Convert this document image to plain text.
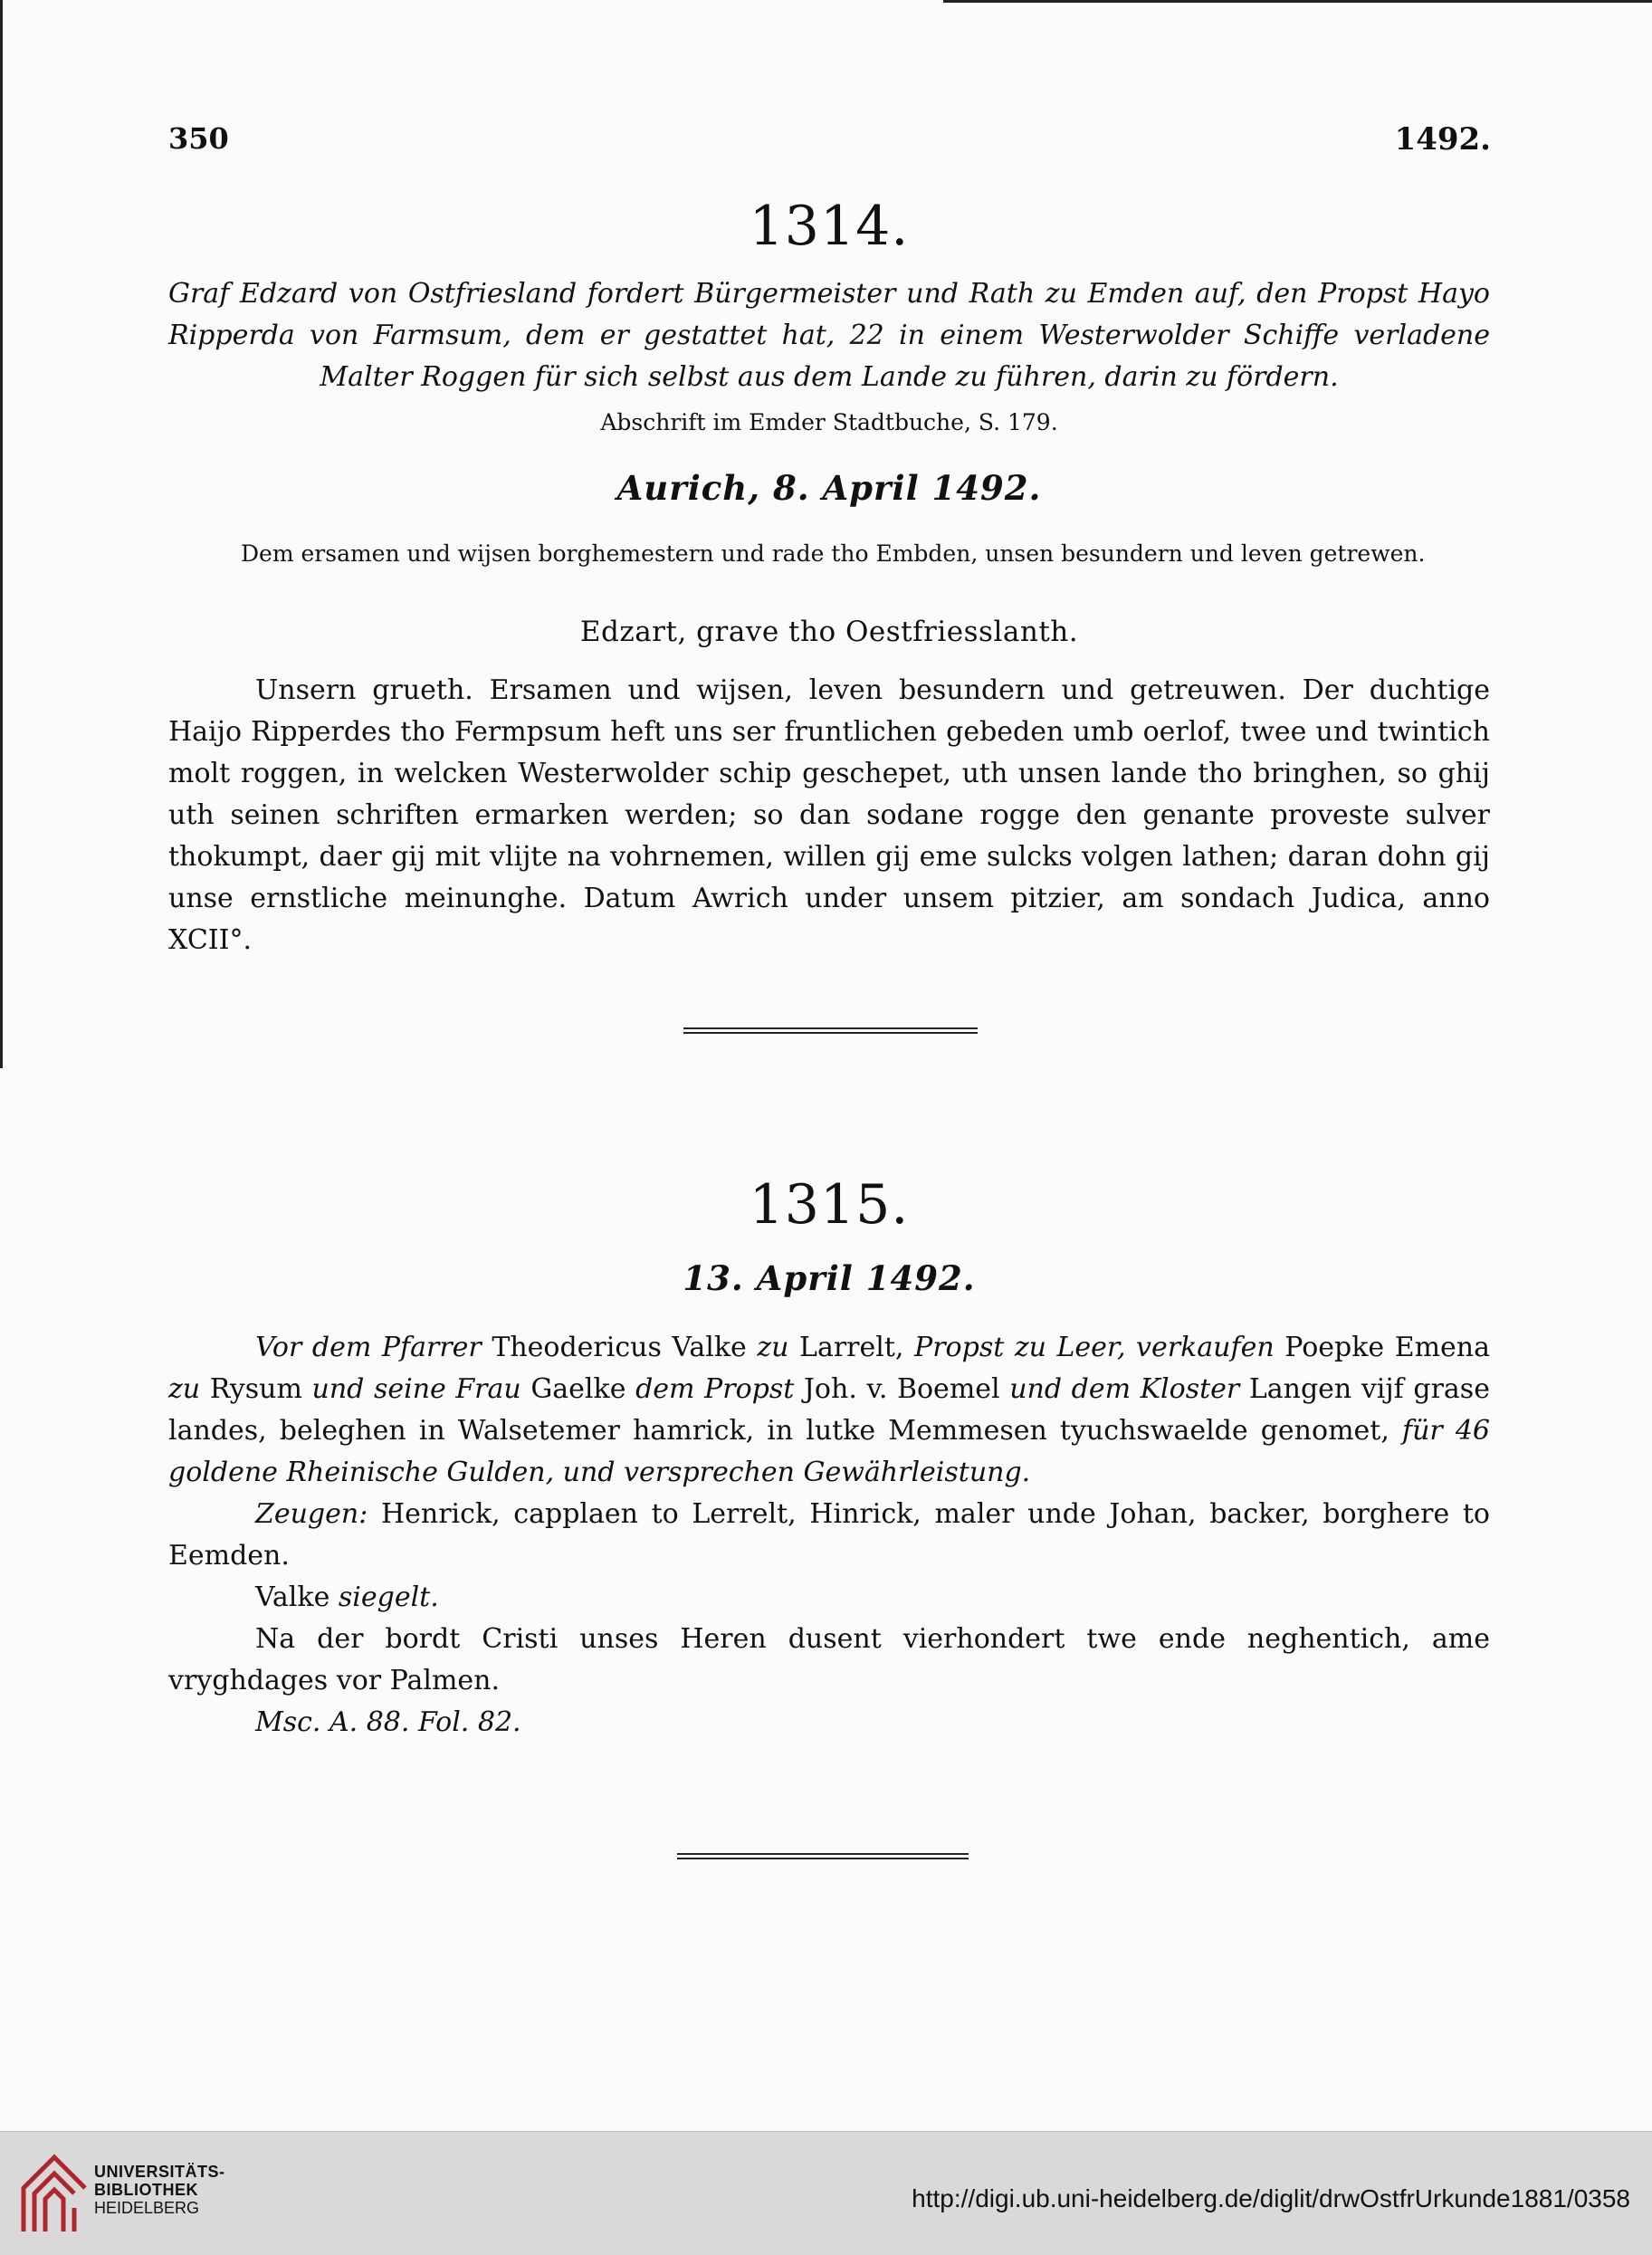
350	1492.
1314.
Graf Edzard von Ostfriesland fordert Bürgermeister und Rath zu Emden auf, den Propst Hayo Ripperda von Farmsum, dem er gestattet hat, 22 in einem Westerwolder Schiffe verladene Malter Roggen für sich selbst aus dem Lande zu führen, darin zu fördern.
Abschrift im Emder Stadtbuche, S. 179.
Aurich, 8. April 1492.
Dem ersamen und wijsen borghemestern und rade tho Embden, unsen besundern und leven getrewen.
Edzart, grave tho Oestfriesslanth.
Unsern grueth. Ersamen und wijsen, leven besundern und getreuwen. Der duchtige Haijo Ripperdes tho Fermpsum heft uns ser fruntlichen gebeden umb oerlof, twee und twintich molt roggen, in welcken Westerwolder schip geschepet, uth unsen lande tho bringhen, so ghij uth seinen schriften ermarken werden; so dan sodane rogge den genante proveste sulver thokumpt, daer gij mit vlijte na vohrnemen, willen gij eme sulcks volgen lathen; daran dohn gij unse ernstliche meinunghe. Datum Awrich under unsem pitzier, am sondach Judica, anno XCII°.
1315.
13. April 1492.
Vor dem Pfarrer Theodericus Valke zu Larrelt, Propst zu Leer, verkaufen Poepke Emena zu Rysum und seine Frau Gaelke dem Propst Joh. v. Boemel und dem Kloster Langen vijf grase landes, beleghen in Walsetemer hamrick, in lutke Memmesen tyuchswaelde genomet, für 46 goldene Rheinische Gulden, und versprechen Gewährleistung.
Zeugen: Henrick, capplaen to Lerrelt, Hinrick, maler unde Johan, backer, borghere to Eemden.
Valke siegelt.
Na der bordt Cristi unses Heren dusent vierhondert twe ende neghentich, ame vryghdages vor Palmen.
Msc. A. 88. Fol. 82.
UNIVERSITÄTS-
BIBLIOTHEK
HEIDELBERG	http://digi.ub.uni-heidelberg.de/diglit/drwOstfrUrkunde1881/0358
